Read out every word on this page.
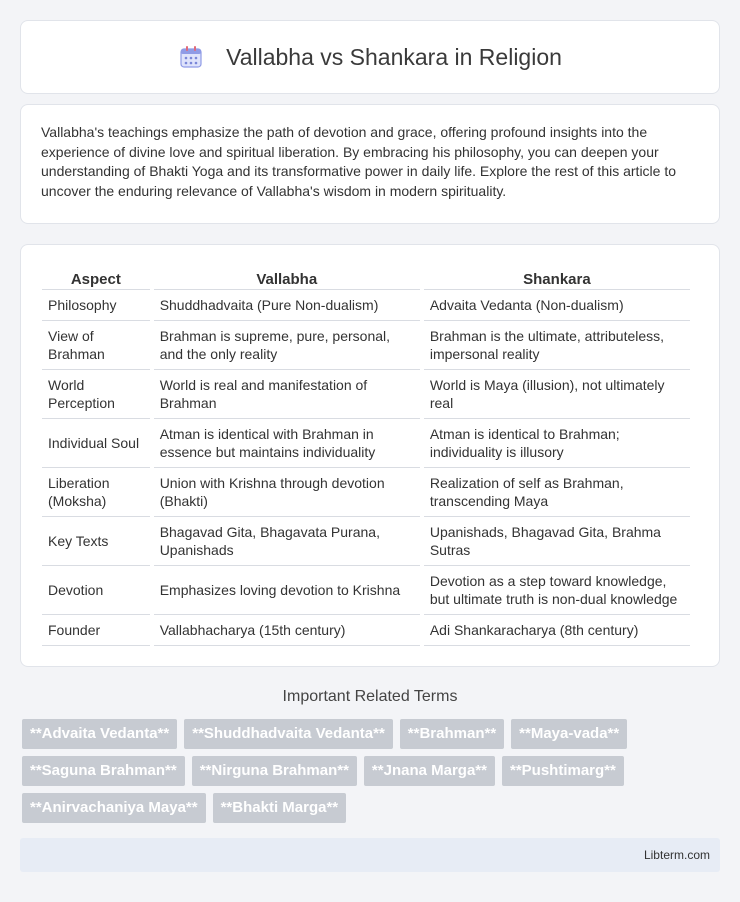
Vallabha vs Shankara in Religion

Vallabha's teachings emphasize the path of devotion and grace, offering profound insights into the experience of divine love and spiritual liberation. By embracing his philosophy, you can deepen your understanding of Bhakti Yoga and its transformative power in daily life. Explore the rest of this article to uncover the enduring relevance of Vallabha's wisdom in modern spirituality.

Aspect	Vallabha	Shankara
Philosophy	Shuddhadvaita (Pure Non-dualism)	Advaita Vedanta (Non-dualism)
View of Brahman	Brahman is supreme, pure, personal, and the only reality	Brahman is the ultimate, attributeless, impersonal reality
World Perception	World is real and manifestation of Brahman	World is Maya (illusion), not ultimately real
Individual Soul	Atman is identical with Brahman in essence but maintains individuality	Atman is identical to Brahman; individuality is illusory
Liberation (Moksha)	Union with Krishna through devotion (Bhakti)	Realization of self as Brahman, transcending Maya
Key Texts	Bhagavad Gita, Bhagavata Purana, Upanishads	Upanishads, Bhagavad Gita, Brahma Sutras
Devotion	Emphasizes loving devotion to Krishna	Devotion as a step toward knowledge, but ultimate truth is non-dual knowledge
Founder	Vallabhacharya (15th century)	Adi Shankaracharya (8th century)
Important Related Terms
**Advaita Vedanta**	**Shuddhadvaita Vedanta**	**Brahman**	**Maya-vada**
**Saguna Brahman**	**Nirguna Brahman**	**Jnana Marga**	**Pushtimarg**
**Anirvachaniya Maya**	**Bhakti Marga**
Libterm.com
